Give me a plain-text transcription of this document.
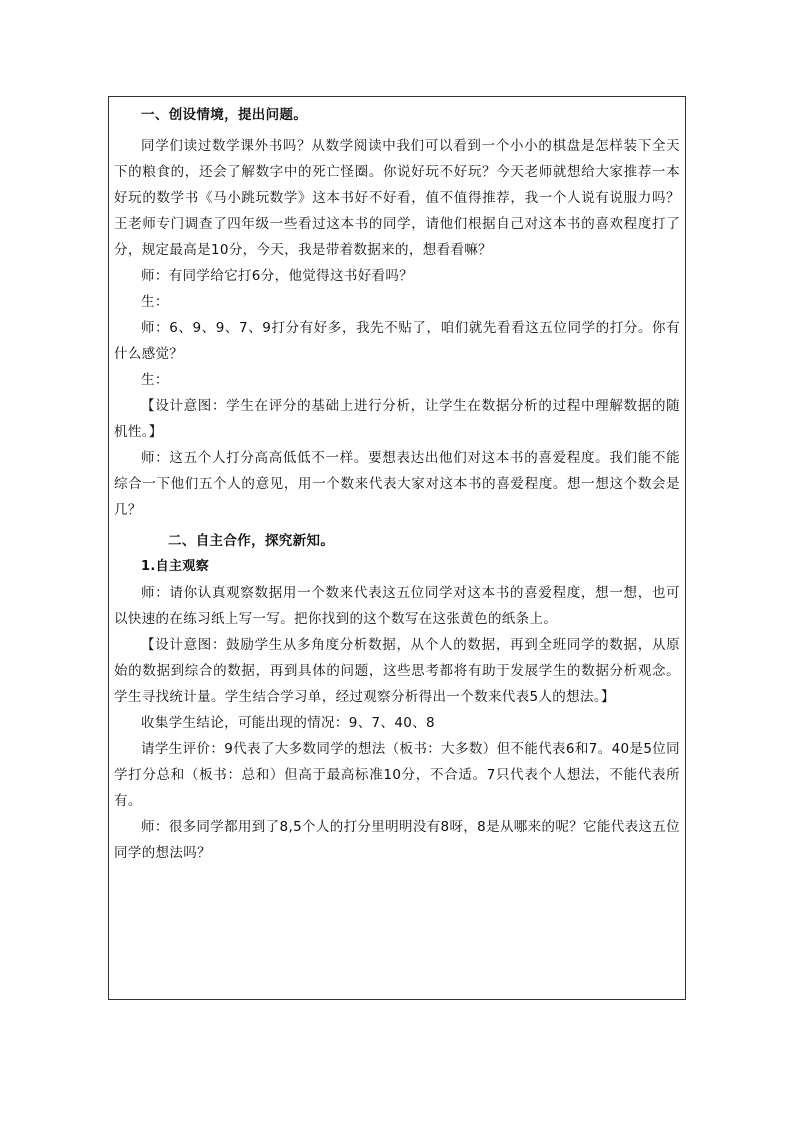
一、创设情境，提出问题。

同学们读过数学课外书吗？从数学阅读中我们可以看到一个小小的棋盘是怎样装下全天下的粮食的，还会了解数字中的死亡怪圈。你说好玩不好玩？今天老师就想给大家推荐一本好玩的数学书《马小跳玩数学》这本书好不好看，值不值得推荐，我一个人说有说服力吗？王老师专门调查了四年级一些看过这本书的同学，请他们根据自己对这本书的喜欢程度打了分，规定最高是10分，今天，我是带着数据来的，想看看嘛？

师：有同学给它打6分，他觉得这书好看吗？

生：

师：6、9、9、7、9打分有好多，我先不贴了，咱们就先看看这五位同学的打分。你有什么感觉？

生：

【设计意图：学生在评分的基础上进行分析，让学生在数据分析的过程中理解数据的随机性。】

师：这五个人打分高高低低不一样。要想表达出他们对这本书的喜爱程度。我们能不能综合一下他们五个人的意见，用一个数来代表大家对这本书的喜爱程度。想一想这个数会是几？

二、自主合作，探究新知。

1.自主观察

师：请你认真观察数据用一个数来代表这五位同学对这本书的喜爱程度，想一想，也可以快速的在练习纸上写一写。把你找到的这个数写在这张黄色的纸条上。

【设计意图：鼓励学生从多角度分析数据，从个人的数据，再到全班同学的数据，从原始的数据到综合的数据，再到具体的问题，这些思考都将有助于发展学生的数据分析观念。学生寻找统计量。学生结合学习单，经过观察分析得出一个数来代表5人的想法。】

收集学生结论，可能出现的情况：9、7、40、8

请学生评价：9代表了大多数同学的想法（板书：大多数）但不能代表6和7。40是5位同学打分总和（板书：总和）但高于最高标准10分，不合适。7只代表个人想法，不能代表所有。

师：很多同学都用到了8,5个人的打分里明明没有8呀，8是从哪来的呢？它能代表这五位同学的想法吗？
